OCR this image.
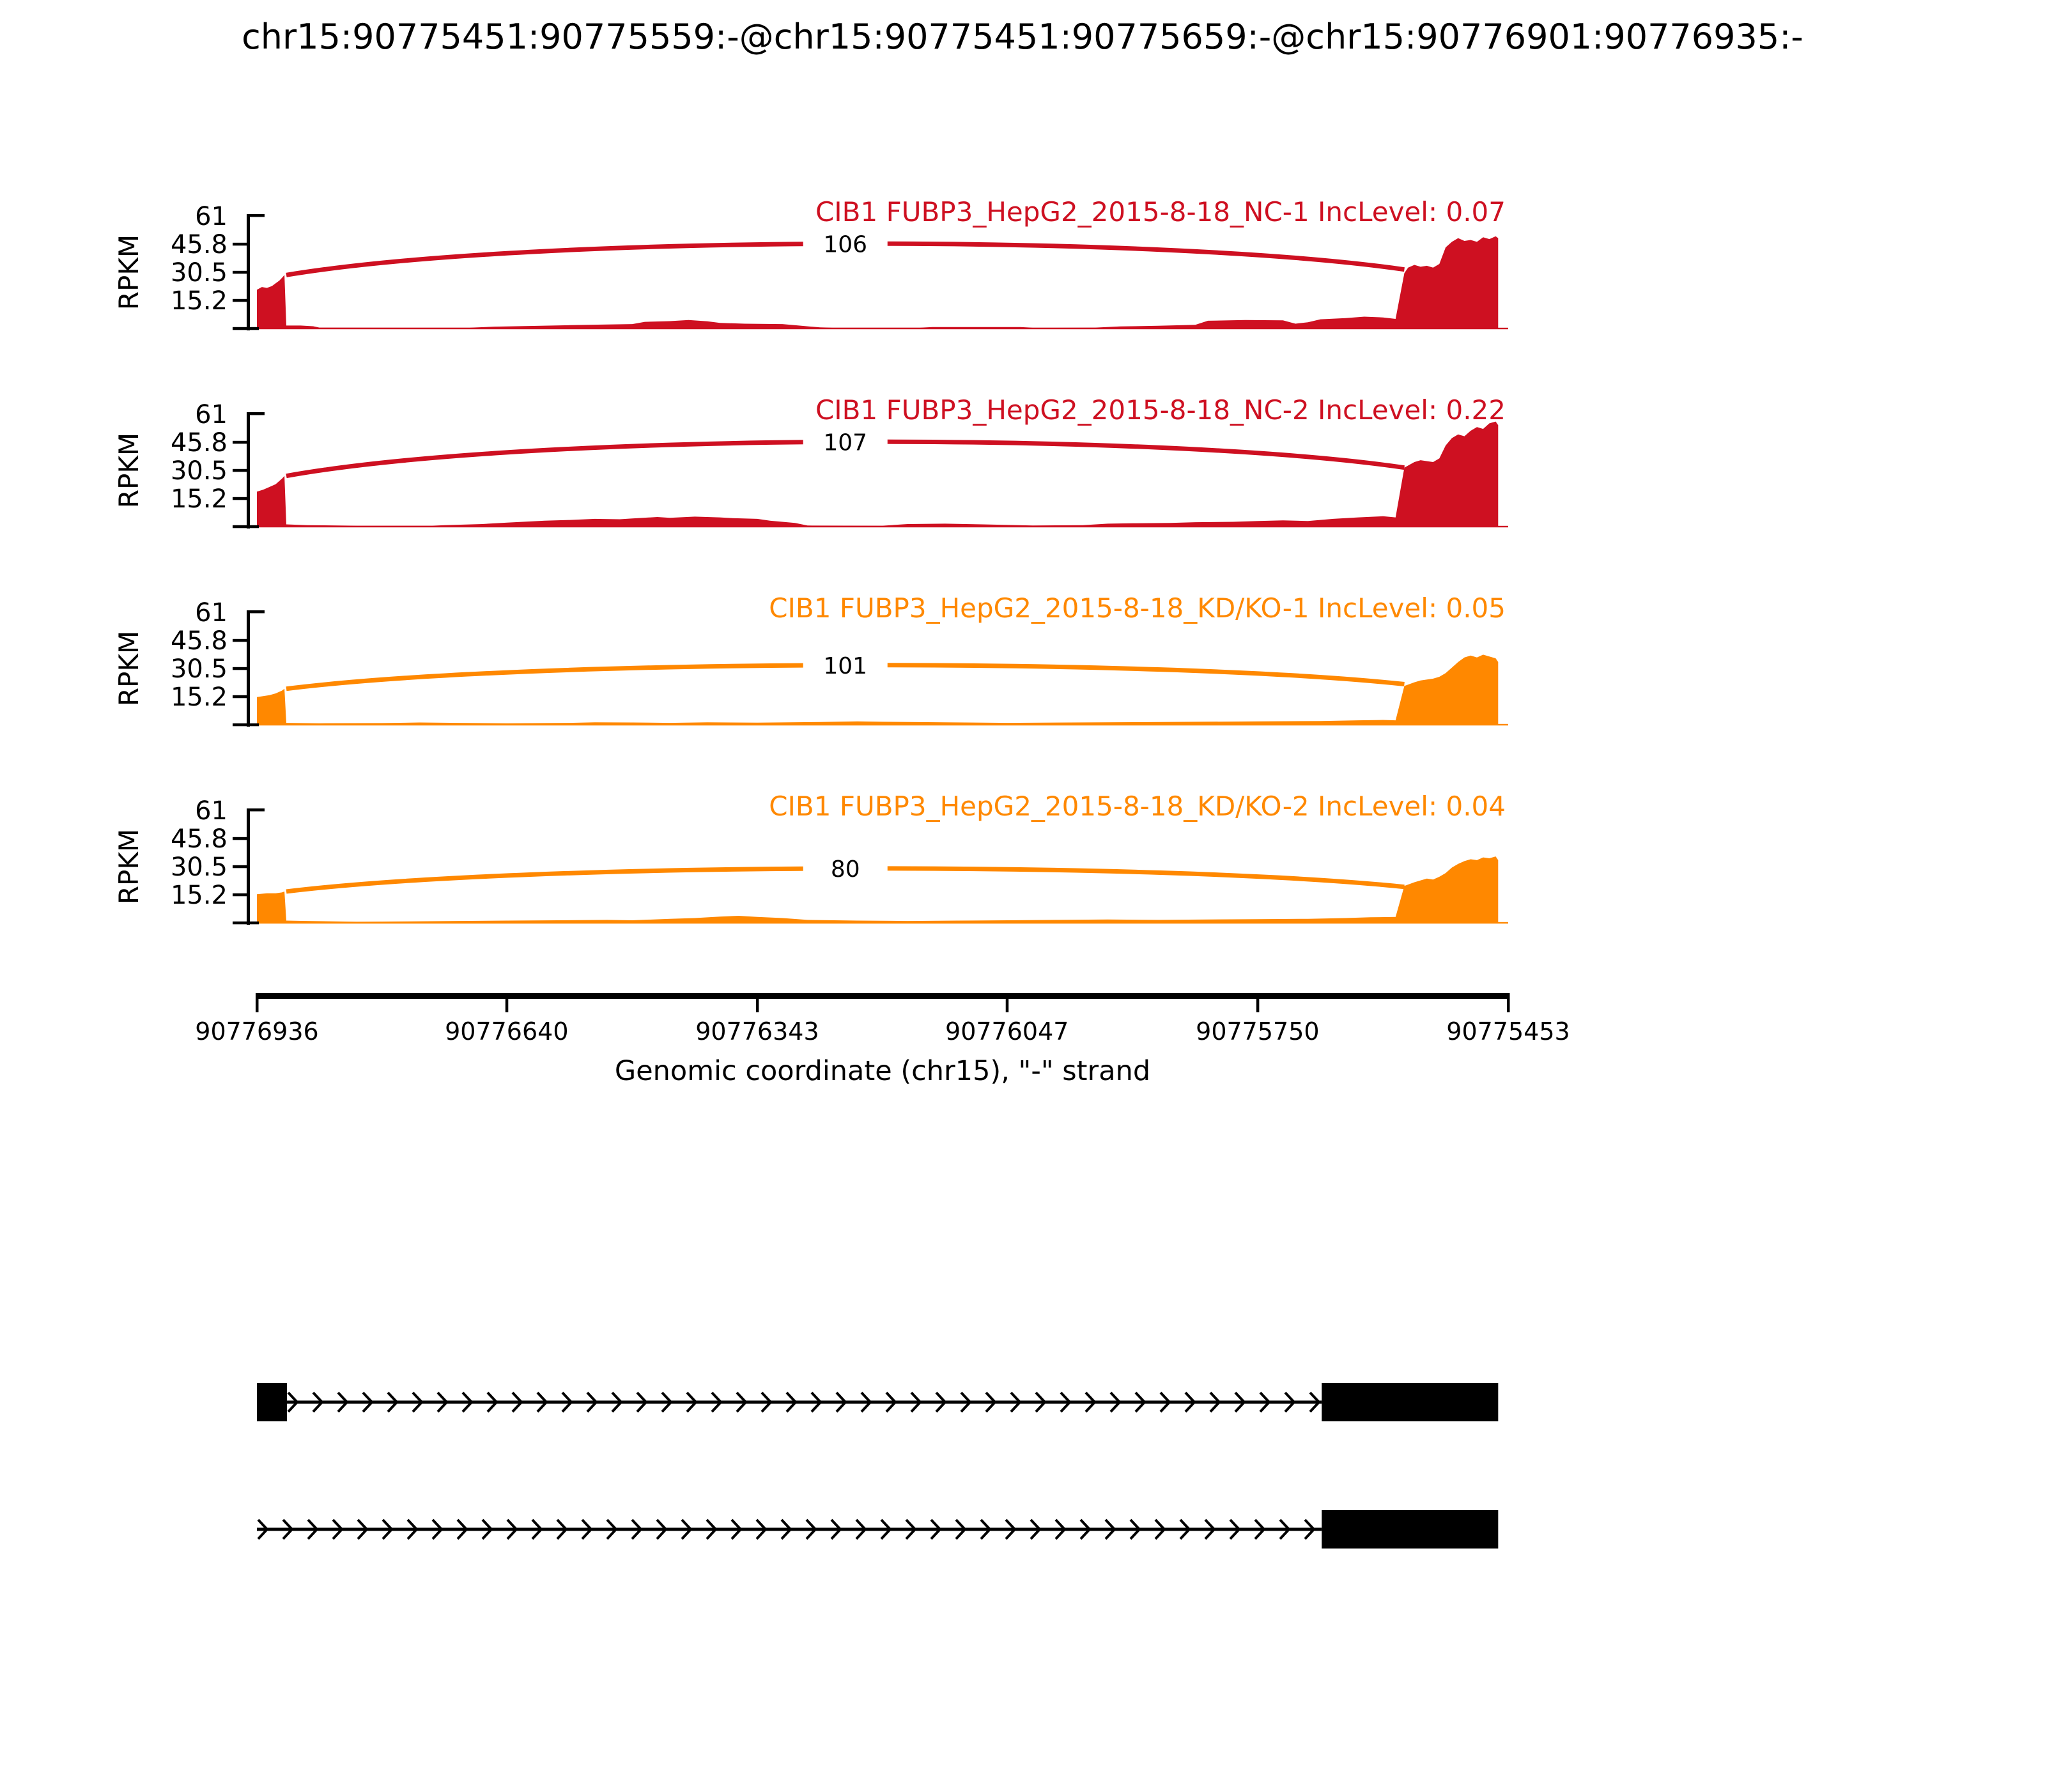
chr15:90775451:90775559:-@chr15:90775451:90775659:-@chr15:90776901:90776935:-
106
15.2
30.5
45.8
61
RPKM
CIB1 FUBP3_HepG2_2015-8-18_NC-1 IncLevel: 0.07
107
15.2
30.5
45.8
61
RPKM
CIB1 FUBP3_HepG2_2015-8-18_NC-2 IncLevel: 0.22
101
15.2
30.5
45.8
61
RPKM
CIB1 FUBP3_HepG2_2015-8-18_KD/KO-1 IncLevel: 0.05
80
15.2
30.5
45.8
61
RPKM
CIB1 FUBP3_HepG2_2015-8-18_KD/KO-2 IncLevel: 0.04
90776936	90776640	90776343	90776047	90775750	90775453
Genomic coordinate (chr15), "-" strand
